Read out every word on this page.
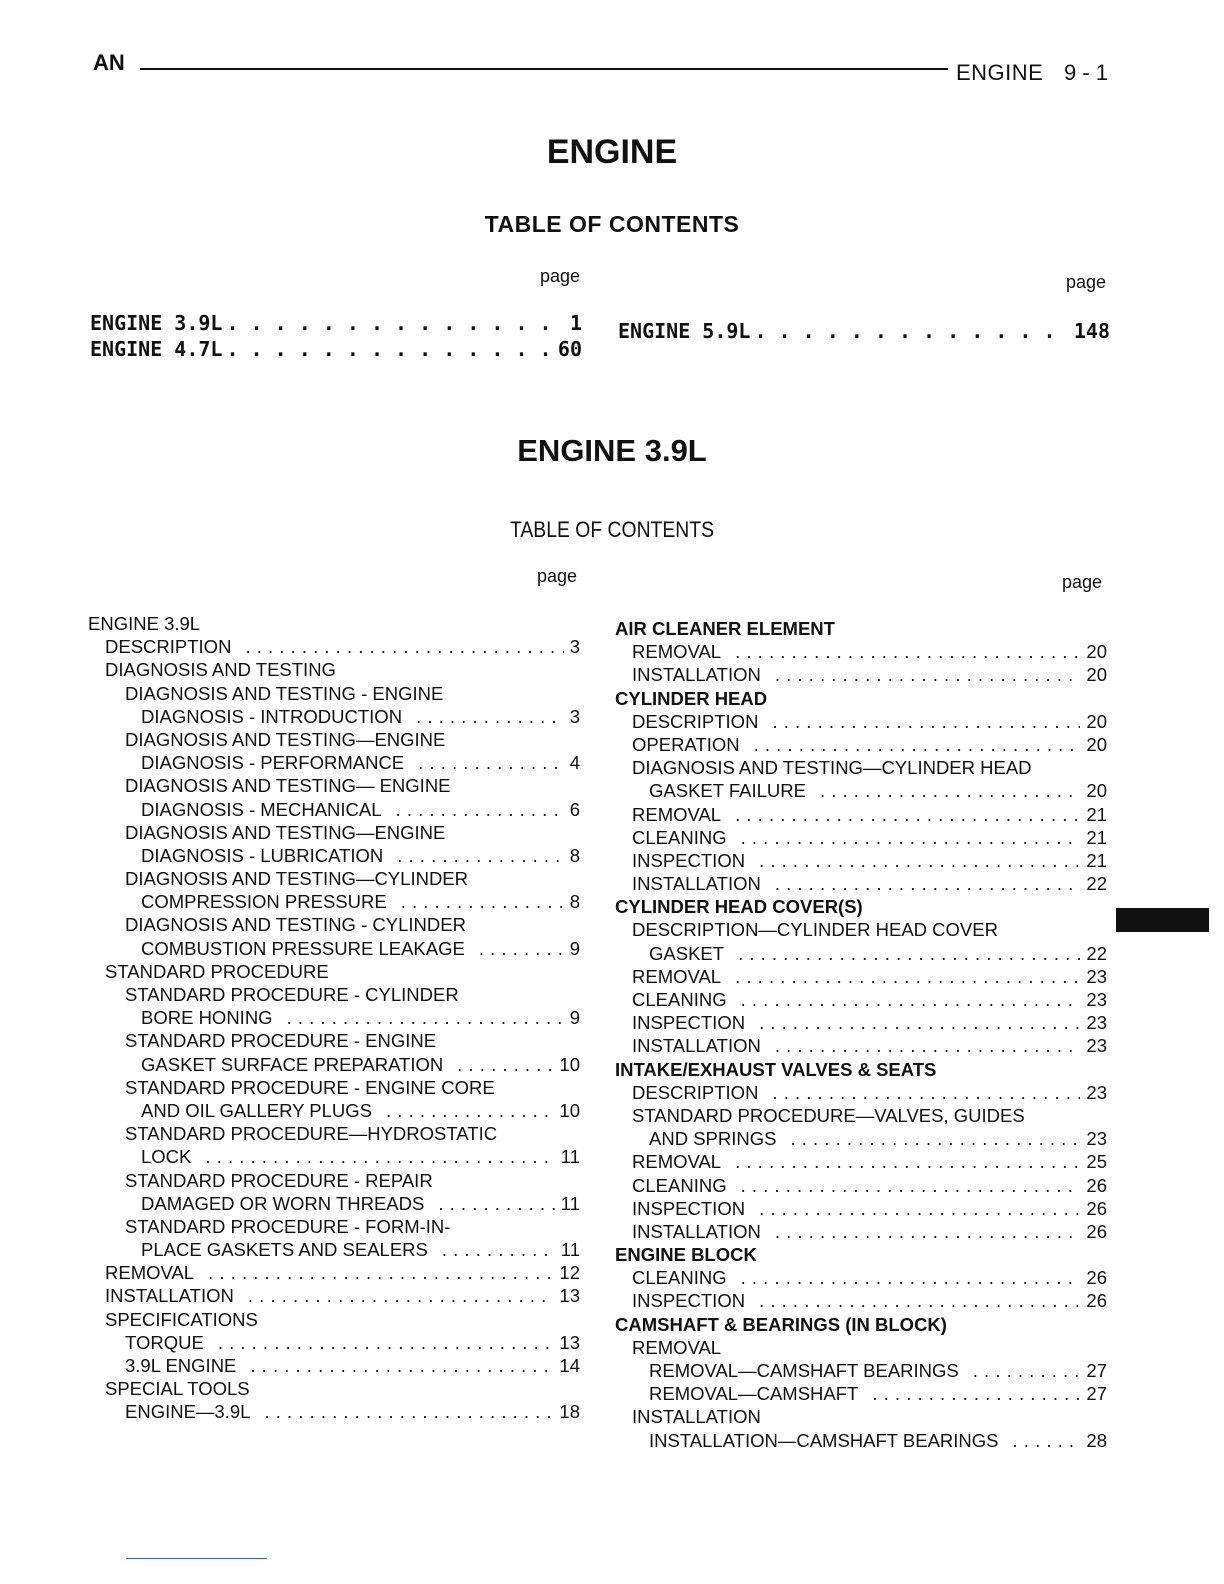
AN	ENGINE 9 - 1
ENGINE
TABLE OF CONTENTS
page	page
ENGINE 3.9L . . .	1
ENGINE 4.7L . . .	60
ENGINE 5.9L . . .	148
ENGINE 3.9L
TABLE OF CONTENTS
page	page
ENGINE 3.9L
DESCRIPTION . . .	3
DIAGNOSIS AND TESTING
DIAGNOSIS AND TESTING - ENGINE
DIAGNOSIS - INTRODUCTION . . .	3
DIAGNOSIS AND TESTING—ENGINE
DIAGNOSIS - PERFORMANCE . . .	4
DIAGNOSIS AND TESTING— ENGINE
DIAGNOSIS - MECHANICAL . . .	6
DIAGNOSIS AND TESTING—ENGINE
DIAGNOSIS - LUBRICATION . . .	8
DIAGNOSIS AND TESTING—CYLINDER
COMPRESSION PRESSURE . . .	8
DIAGNOSIS AND TESTING - CYLINDER
COMBUSTION PRESSURE LEAKAGE . . .	9
STANDARD PROCEDURE
STANDARD PROCEDURE - CYLINDER
BORE HONING . . .	9
STANDARD PROCEDURE - ENGINE
GASKET SURFACE PREPARATION . . .	10
STANDARD PROCEDURE - ENGINE CORE
AND OIL GALLERY PLUGS . . .	10
STANDARD PROCEDURE—HYDROSTATIC
LOCK . . .	11
STANDARD PROCEDURE - REPAIR
DAMAGED OR WORN THREADS . . .	11
STANDARD PROCEDURE - FORM-IN-
PLACE GASKETS AND SEALERS . . .	11
REMOVAL . . .	12
INSTALLATION . . .	13
SPECIFICATIONS
TORQUE . . .	13
3.9L ENGINE . . .	14
SPECIAL TOOLS
ENGINE—3.9L . . .	18
AIR CLEANER ELEMENT
REMOVAL . . .	20
INSTALLATION . . .	20
CYLINDER HEAD
DESCRIPTION . . .	20
OPERATION . . .	20
DIAGNOSIS AND TESTING—CYLINDER HEAD
GASKET FAILURE . . .	20
REMOVAL . . .	21
CLEANING . . .	21
INSPECTION . . .	21
INSTALLATION . . .	22
CYLINDER HEAD COVER(S)
DESCRIPTION—CYLINDER HEAD COVER
GASKET . . .	22
REMOVAL . . .	23
CLEANING . . .	23
INSPECTION . . .	23
INSTALLATION . . .	23
INTAKE/EXHAUST VALVES & SEATS
DESCRIPTION . . .	23
STANDARD PROCEDURE—VALVES, GUIDES
AND SPRINGS . . .	23
REMOVAL . . .	25
CLEANING . . .	26
INSPECTION . . .	26
INSTALLATION . . .	26
ENGINE BLOCK
CLEANING . . .	26
INSPECTION . . .	26
CAMSHAFT & BEARINGS (IN BLOCK)
REMOVAL
REMOVAL—CAMSHAFT BEARINGS . . .	27
REMOVAL—CAMSHAFT . . .	27
INSTALLATION
INSTALLATION—CAMSHAFT BEARINGS . . .	28
